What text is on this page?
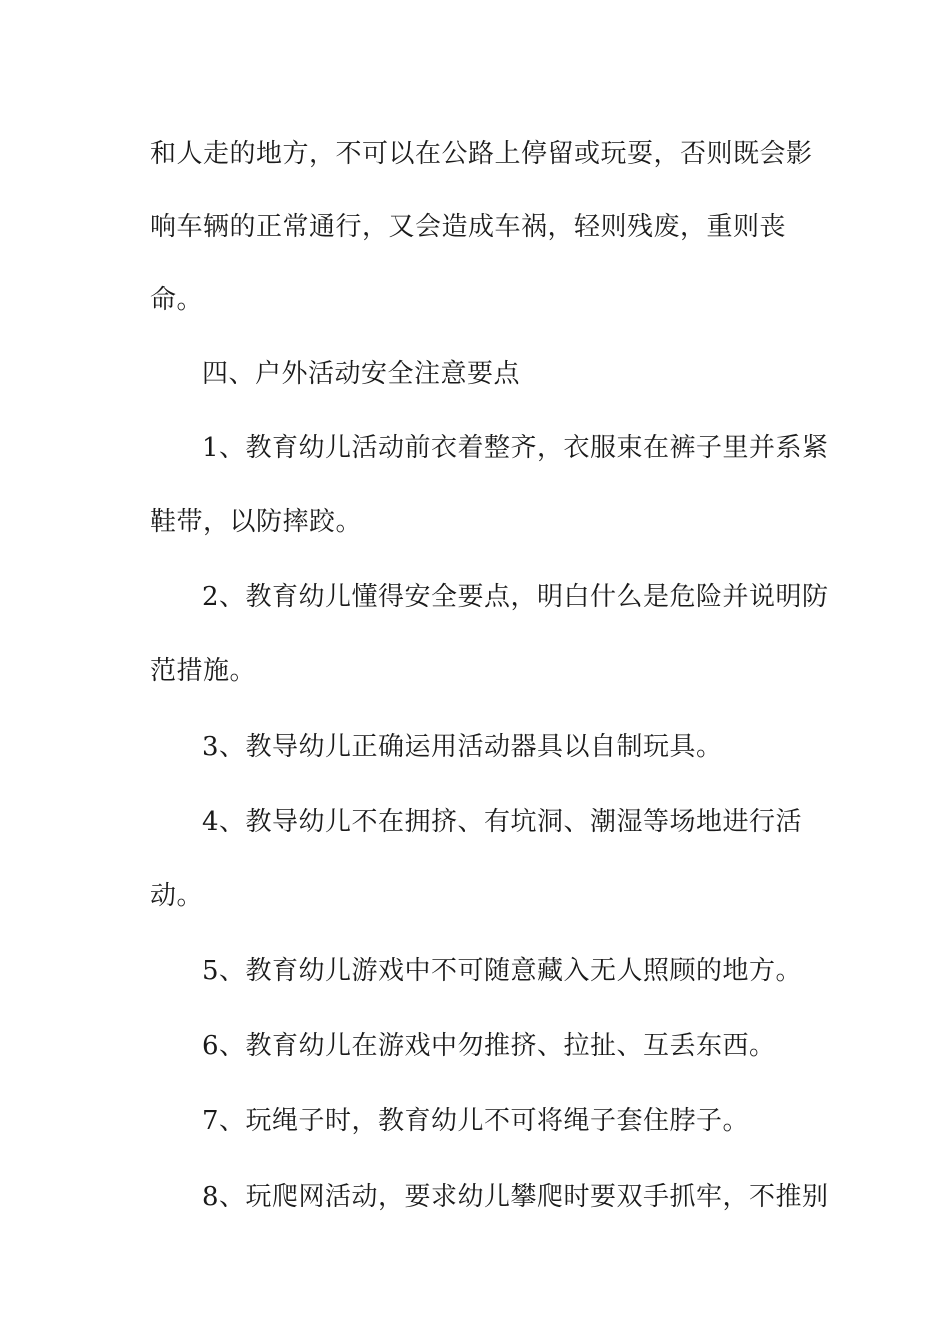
和人走的地方，不可以在公路上停留或玩耍，否则既会影
响车辆的正常通行，又会造成车祸，轻则残废，重则丧
命。
四、户外活动安全注意要点
1、教育幼儿活动前衣着整齐，衣服束在裤子里并系紧
鞋带，以防摔跤。
2、教育幼儿懂得安全要点，明白什么是危险并说明防
范措施。
3、教导幼儿正确运用活动器具以自制玩具。
4、教导幼儿不在拥挤、有坑洞、潮湿等场地进行活
动。
5、教育幼儿游戏中不可随意藏入无人照顾的地方。
6、教育幼儿在游戏中勿推挤、拉扯、互丢东西。
7、玩绳子时，教育幼儿不可将绳子套住脖子。
8、玩爬网活动，要求幼儿攀爬时要双手抓牢，不推别
